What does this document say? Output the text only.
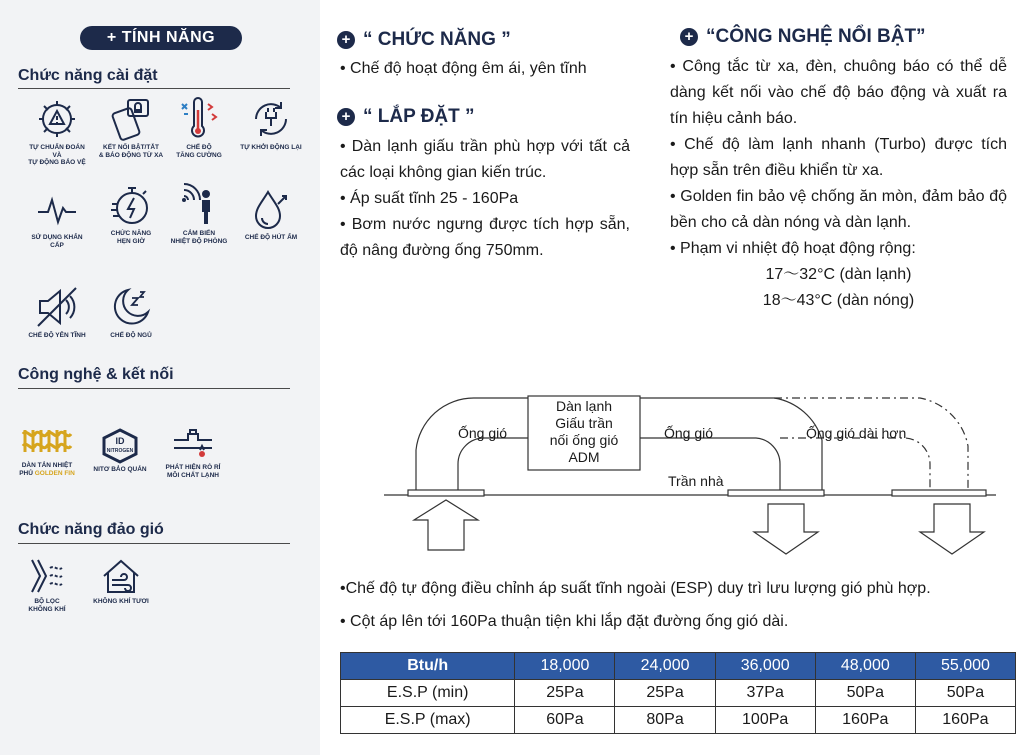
+ TÍNH NĂNG
Chức năng cài đặt
TỰ CHUẨN ĐOÁN VÀ
TỰ ĐỘNG BẢO VỆ
KẾT NỐI BẬT/TẮT
& BÁO ĐỘNG TỪ XA
CHẾ ĐỘ
TĂNG CƯỜNG
TỰ KHỞI ĐỘNG LẠI
SỬ DỤNG KHẨN CẤP
CHỨC NĂNG
HẸN GIỜ
CẢM BIẾN
NHIỆT ĐỘ PHÒNG	CHẾ ĐỘ HÚT ẨM
CHẾ ĐỘ YÊN TĨNH	CHẾ ĐỘ NGỦ
Công nghệ & kết nối
DÀN TẢN NHIỆT
PHỦ GOLDEN FIN
ID
NITROGEN
NITƠ BẢO QUẢN	PHÁT HIỆN RÒ RỈ
MÔI CHẤT LẠNH
Chức năng đảo gió
BỘ LỌC
KHÔNG KHÍ
KHÔNG KHÍ TƯƠI
+ “ CHỨC NĂNG ”
• Chế độ hoạt động êm ái, yên tĩnh
+ “ LẮP ĐẶT ”

• Dàn lạnh giấu trần phù hợp với tất cả các loại không gian kiến trúc.

• Áp suất tĩnh 25 - 160Pa

• Bơm nước ngưng được tích hợp sẵn, độ nâng đường ống 750mm.

+ “CÔNG NGHỆ NỔI BẬT”

• Công tắc từ xa, đèn, chuông báo có thể dễ dàng kết nối vào chế độ báo động và xuất ra tín hiệu cảnh báo.

• Chế độ làm lạnh nhanh (Turbo) được tích hợp sẵn trên điều khiển từ xa.

• Golden fin bảo vệ chống ăn mòn, đảm bảo độ bền cho cả dàn nóng và dàn lạnh.

• Phạm vi nhiệt độ hoạt động rộng:

17～32°C (dàn lạnh)

18～43°C (dàn nóng)

Dàn lạnh
Giấu trần
nối ống gió
ADM
Ống gió	Ống gió	Ống gió dài hơn
Trần nhà
•Chế độ tự động điều chỉnh áp suất tĩnh ngoài (ESP) duy trì lưu lượng gió phù hợp.
• Cột áp lên tới 160Pa thuận tiện khi lắp đặt đường ống gió dài.
Btu/h	18,000	24,000	36,000	48,000	55,000
E.S.P (min)	25Pa	25Pa	37Pa	50Pa	50Pa
E.S.P (max)	60Pa	80Pa	100Pa	160Pa	160Pa
